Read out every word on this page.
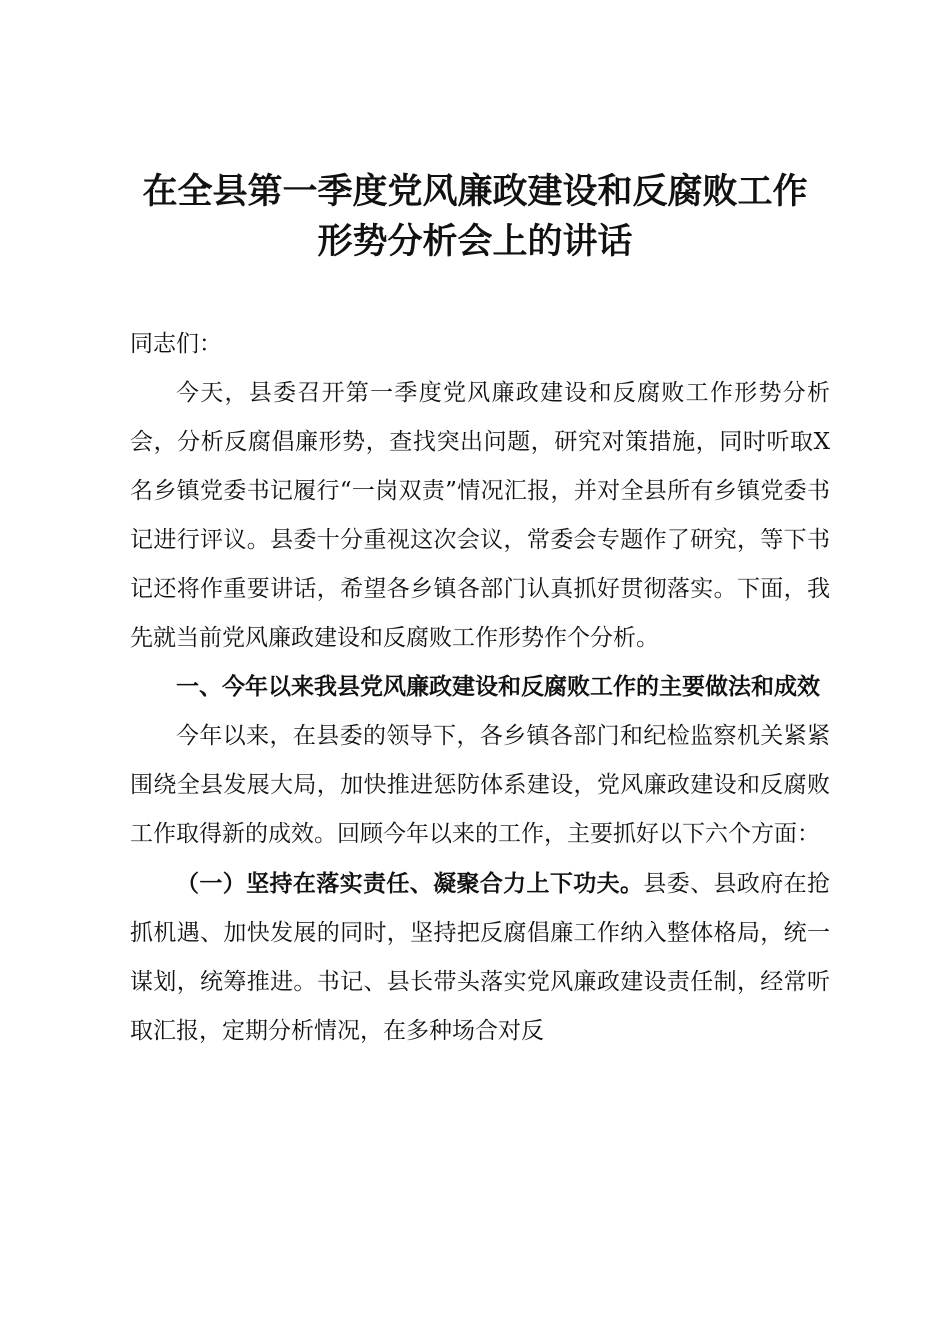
在全县第一季度党风廉政建设和反腐败工作
形势分析会上的讲话

同志们：

今天，县委召开第一季度党风廉政建设和反腐败工作形势分析会，分析反腐倡廉形势，查找突出问题，研究对策措施，同时听取X名乡镇党委书记履行“一岗双责”情况汇报，并对全县所有乡镇党委书记进行评议。县委十分重视这次会议，常委会专题作了研究，等下书记还将作重要讲话，希望各乡镇各部门认真抓好贯彻落实。下面，我先就当前党风廉政建设和反腐败工作形势作个分析。

一、今年以来我县党风廉政建设和反腐败工作的主要做法和成效

今年以来，在县委的领导下，各乡镇各部门和纪检监察机关紧紧围绕全县发展大局，加快推进惩防体系建设，党风廉政建设和反腐败工作取得新的成效。回顾今年以来的工作，主要抓好以下六个方面：

（一）坚持在落实责任、凝聚合力上下功夫。县委、县政府在抢抓机遇、加快发展的同时，坚持把反腐倡廉工作纳入整体格局，统一谋划，统筹推进。书记、县长带头落实党风廉政建设责任制，经常听取汇报，定期分析情况，在多种场合对反
